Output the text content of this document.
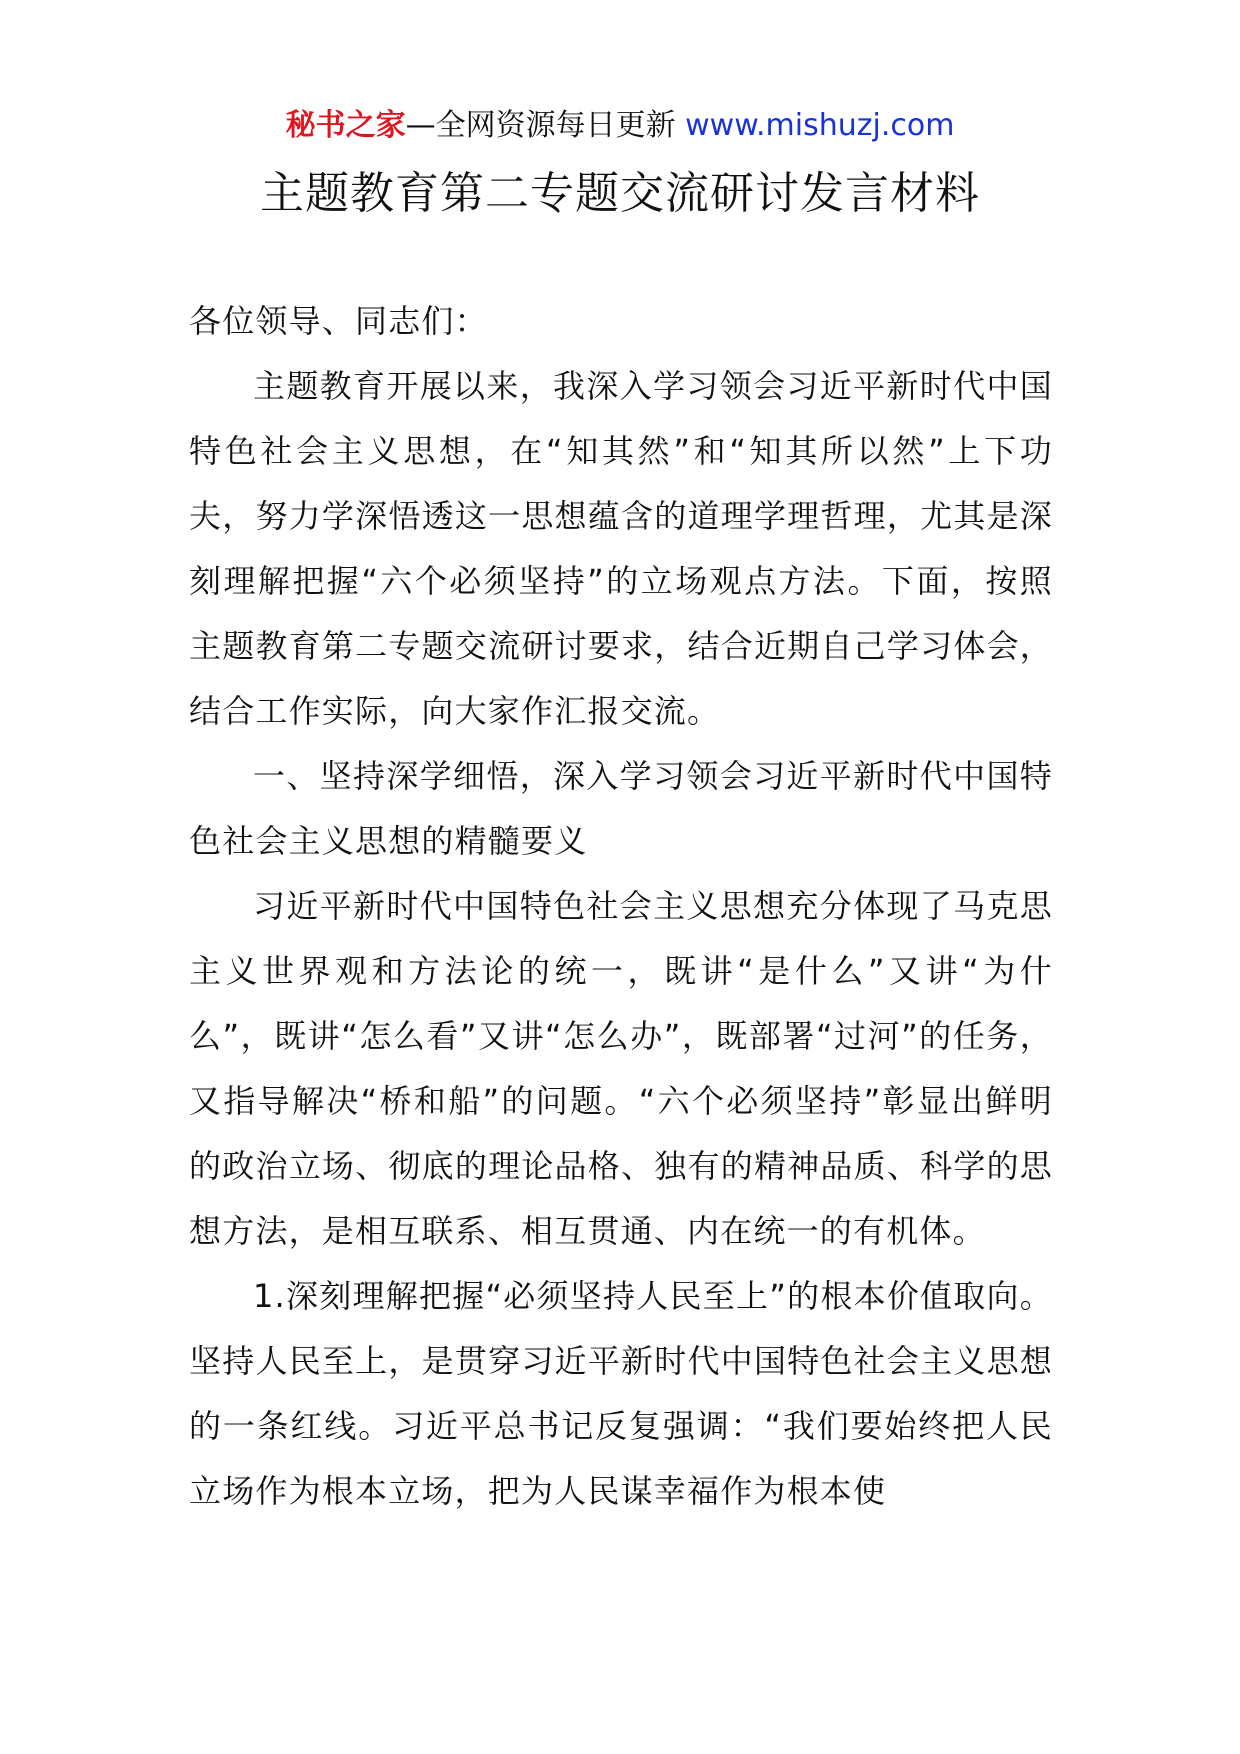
秘书之家—全网资源每日更新 www.mishuzj.com
主题教育第二专题交流研讨发言材料

各位领导、同志们：

主题教育开展以来，我深入学习领会习近平新时代中国特色社会主义思想，在“知其然”和“知其所以然”上下功夫，努力学深悟透这一思想蕴含的道理学理哲理，尤其是深刻理解把握“六个必须坚持”的立场观点方法。下面，按照主题教育第二专题交流研讨要求，结合近期自己学习体会，结合工作实际，向大家作汇报交流。

一、坚持深学细悟，深入学习领会习近平新时代中国特色社会主义思想的精髓要义

习近平新时代中国特色社会主义思想充分体现了马克思主义世界观和方法论的统一，既讲“是什么”又讲“为什么”，既讲“怎么看”又讲“怎么办”，既部署“过河”的任务，又指导解决“桥和船”的问题。“六个必须坚持”彰显出鲜明的政治立场、彻底的理论品格、独有的精神品质、科学的思想方法，是相互联系、相互贯通、内在统一的有机体。

1.深刻理解把握“必须坚持人民至上”的根本价值取向。坚持人民至上，是贯穿习近平新时代中国特色社会主义思想的一条红线。习近平总书记反复强调：“我们要始终把人民立场作为根本立场，把为人民谋幸福作为根本使
